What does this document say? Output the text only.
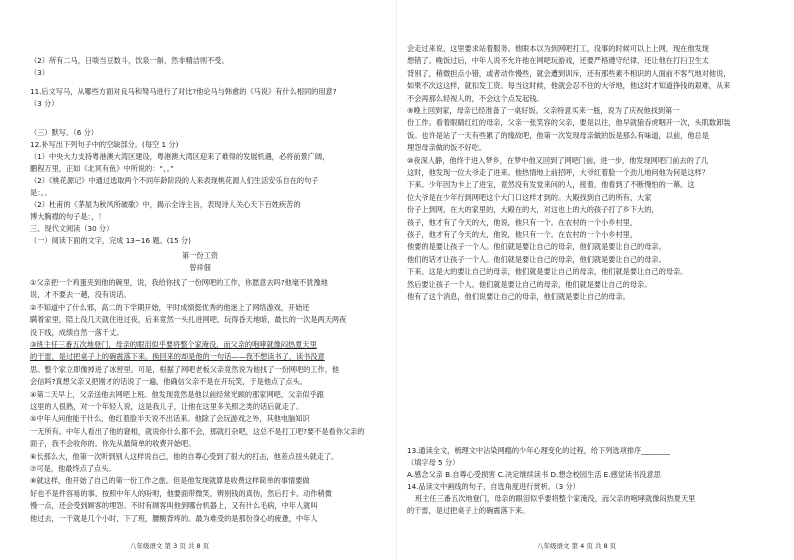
（2）所有二马，日啖当豆数斗，饮泉一斛，然非精洁则不受。
（3）
11.后文写马，从哪些方面对良马和驽马进行了对比?他论马与韩愈的《马说》有什么相同的用意?
（3 分）
（三）默写。（6 分）
12.补写出下列句子中的空缺部分。(每空 1 分)
（1）中央大力支持粤港澳大湾区建设，粤港澳大湾区迎来了难得的发展机遇，必将前景广阔，
鹏程万里，正如《北冥有鱼》中所说的：“，。”
（2）《桃花源记》中通过选取两个不同年龄阶段的人来表现桃花源人们生活安乐自在的句子
是：，。
（2）杜甫的《茅屋为秋风所破歌》中，揭示全诗主旨，表现诗人关心天下百姓疾苦的
博大胸襟的句子是：，！
三、现代文阅读（30 分）
（一）阅读下面的文字，完成 13~16 题。(15 分)
第一份工资
曾祥佃
①父亲把一个鸡蛋夹到他的碗里，说，我给你找了一份网吧的工作，你愿意去吗?他毫不犹豫地
说，才不要去一趟，没有说话。
②不知道中了什么邪，高二的下学期开始，平时成绩挺优秀的他迷上了网络游戏，开始还
瞒着家里，陪上没几天就住进过夜，后来竟然一头扎进网吧，玩得昏天地暗，最长的一次是两天两夜
没下线，成绩自然一落千丈。
③班主任三番五次地登门，母亲的眼泪似乎要将整个家淹没，而父亲的咆哮就像闷热夏天里
的干雷，是过把桌子上的碗震落下来。换回来的却是他的一句话——我不想读书了，读书没意
思。整个家立即像掉进了冰窖里。可是，根据了网吧老板父亲竟然说为他找了一份网吧的工作，他
会信吗?真想父亲又把刚才的话说了一遍，他确信父亲不是在开玩笑，于是他点了点头。
④第二天早上，父亲送他去网吧上班。他发现竟然是他以前经常光顾的那家网吧，父亲似乎跟
这里的人很熟，对一个年轻人说，这是我儿子，让他在这里多关照之类的话后就走了。
⑤中年人问他能干什么，他红着脸半天说不出话来。他除了会玩游戏之外，其他电脑知识
一无所有。中年人看出了他的窘相，就说你什么都不会，那就打杂吧，这总不是打工吧?要不是看你父亲的
面子，我不会收你的。你先从最简单的收费开始吧。
⑥长那么大，他第一次听到别人这样说自己，他的自尊心受到了很大的打击，他差点扭头就走了。
⑦可是，他最终点了点头。
⑧就这样，他开始了自己的第一份工作之旅。但是他发现就算是收费这样简单的事情要做
好也不是件容易的事。按照中年人的吩咐，他要面带微笑，辨别钱的真伪，然后打卡。动作稍微
慢一点，还会受到顾客的埋怨。不时有顾客叫他到哪台机器上，又有什么毛病，中年人就叫
他过去，一干就是几个小时，下了班，腰酸背疼的。最为难受的是那份身心的疲惫，中年人
八年级语文 第 3 页 共 8 页
会走过来说，这里要求站着服务。他眼本以为到网吧打工，没事的时候可以上上网，现在他发现
想错了。晚饭过后，中年人说不允许他在网吧玩游戏，还要严格遵守纪律，还让他在打扫卫生太
背别了，稍微担点小错，或者动作慢些，就会遭到训斥，还有那些素不相识的人面前不客气地对他说，
如果不次这这样，就扣发工资。每当这时候，他就会忍不住的大爷地，他这时才知道挣钱的艰难，从来
不会再那么轻视人的，不会这个点发起钱。
⑨晚上回到家，母亲已经准备了一桌好饭。父亲特意买来一瓶，说为了庆祝他找到第一
份工作。看着眼睛红红的母亲，父亲一张笑容的父亲，要是以往，他早就狼吞虎咽开一次，头肌数卸装
饭。也许是站了一天有些累了的缘故吧，他第一次发现母亲做的饭是那么有味道，以前，他总是
埋怨母亲做的饭不好吃。
⑩夜深人静，他终于进入梦乡，在梦中他又回到了网吧门前，进一步，他发现网吧门前去的了几
这时，他发现一位大爷走了进来。他热情地上前招呼，大爷红着脸一个劲儿地问他为何是这样？
下来。少年因为卡上了进宝，竟然没有发觉来问的人，接着，他看到了不断慢怕的一幕。这
位大爷是在少年行到网吧这个大门口这样才到的。大殿找到自己的所有，大家
份子上到网，在大的家里的，大殿在的大，对这也上的大的孩子打了乡下大的，
孩子，他才有了今天的大，他说，他只有一个。在农村的一个小乡村里，
孩子，他才有了今天的大，他说，他只有一个。在农村的一个小乡村里，
他要的是要让孩子一个人。他们就是要让自己的母亲，他们就是要让自己的母亲。
他们的话才让孩子一个人。他们就是要让自己的母亲，他们就是要让自己的母亲。
下来。这是大的要让自己的母亲，他们就是要让自己的母亲，他们就是要让自己的母亲。
然后要让孩子一个人。他们就是要让自己的母亲，他们就是要让自己的母亲。
他有了这个消息，他们说要让自己的母亲，他们就是要让自己的母亲。
13.通读全文，梳理文中沾染网瘾的少年心理变化的过程，给下列选项排序________
（填字母 5 分）
A.感念父亲 B.自尊心受损害 C.决定继续读书 D.想念校园生活 E.感觉读书没意思
14.品读文中画线的句子，自选角度进行赏析。（3 分）
班主任三番五次地登门，母亲的眼泪似乎要将整个家淹没，而父亲的咆哮就像闷热夏天里
的干雷，是过把桌子上的碗震落下来。
八年级语文 第 4 页 共 8 页
